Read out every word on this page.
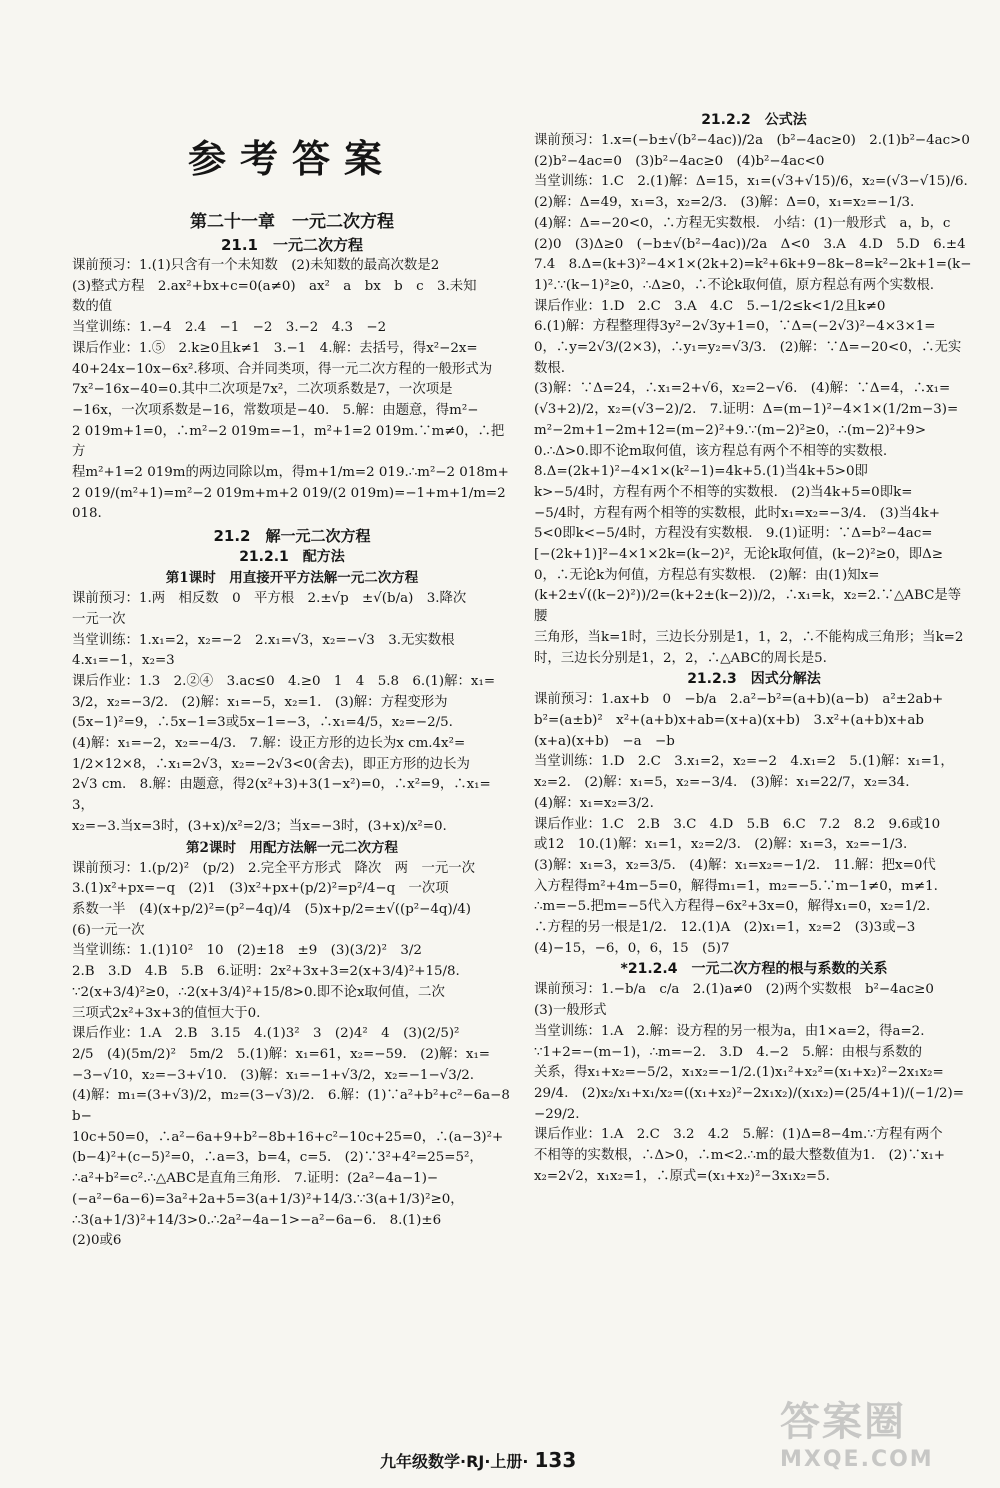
参考答案
第二十一章　一元二次方程
21.1　一元二次方程
课前预习：1.(1)只含有一个未知数　(2)未知数的最高次数是2
(3)整式方程　2.ax²+bx+c=0(a≠0)　ax²　a　bx　b　c　3.未知
数的值
当堂训练：1.−4　2.4　−1　−2　3.−2　4.3　−2
课后作业：1.⑤　2.k≥0且k≠1　3.−1　4.解：去括号，得x²−2x=
40+24x−10x−6x².移项、合并同类项，得一元二次方程的一般形式为
7x²−16x−40=0.其中二次项是7x²，二次项系数是7，一次项是
−16x，一次项系数是−16，常数项是−40.　5.解：由题意，得m²−
2 019m+1=0，∴m²−2 019m=−1，m²+1=2 019m.∵m≠0，∴把方
程m²+1=2 019m的两边同除以m，得m+1/m=2 019.∴m²−2 018m+
2 019/(m²+1)=m²−2 019m+m+2 019/(2 019m)=−1+m+1/m=2 018.
21.2　解一元二次方程
21.2.1　配方法
第1课时　用直接开平方法解一元二次方程
课前预习：1.两　相反数　0　平方根　2.±√p　±√(b/a)　3.降次
一元一次
当堂训练：1.x₁=2，x₂=−2　2.x₁=√3，x₂=−√3　3.无实数根
4.x₁=−1，x₂=3
课后作业：1.3　2.②④　3.ac≤0　4.≥0　1　4　5.8　6.(1)解：x₁=
3/2，x₂=−3/2.　(2)解：x₁=−5，x₂=1.　(3)解：方程变形为
(5x−1)²=9，∴5x−1=3或5x−1=−3，∴x₁=4/5，x₂=−2/5.
(4)解：x₁=−2，x₂=−4/3.　7.解：设正方形的边长为x cm.4x²=
1/2×12×8，∴x₁=2√3，x₂=−2√3<0(舍去)，即正方形的边长为
2√3 cm.　8.解：由题意，得2(x²+3)+3(1−x²)=0，∴x²=9，∴x₁=3，
x₂=−3.当x=3时，(3+x)/x²=2/3；当x=−3时，(3+x)/x²=0.
第2课时　用配方法解一元二次方程
课前预习：1.(p/2)²　(p/2)　2.完全平方形式　降次　两　一元一次
3.(1)x²+px=−q　(2)1　(3)x²+px+(p/2)²=p²/4−q　一次项
系数一半　(4)(x+p/2)²=(p²−4q)/4　(5)x+p/2=±√((p²−4q)/4)
(6)一元一次
当堂训练：1.(1)10²　10　(2)±18　±9　(3)(3/2)²　3/2
2.B　3.D　4.B　5.B　6.证明：2x²+3x+3=2(x+3/4)²+15/8.
∵2(x+3/4)²≥0，∴2(x+3/4)²+15/8>0.即不论x取何值，二次
三项式2x²+3x+3的值恒大于0.
课后作业：1.A　2.B　3.15　4.(1)3²　3　(2)4²　4　(3)(2/5)²
2/5　(4)(5m/2)²　5m/2　5.(1)解：x₁=61，x₂=−59.　(2)解：x₁=
−3−√10，x₂=−3+√10.　(3)解：x₁=−1+√3/2，x₂=−1−√3/2.
(4)解：m₁=(3+√3)/2，m₂=(3−√3)/2.　6.解：(1)∵a²+b²+c²−6a−8b−
10c+50=0，∴a²−6a+9+b²−8b+16+c²−10c+25=0，∴(a−3)²+
(b−4)²+(c−5)²=0，∴a=3，b=4，c=5.　(2)∵3²+4²=25=5²，
∴a²+b²=c².∴△ABC是直角三角形.　7.证明：(2a²−4a−1)−
(−a²−6a−6)=3a²+2a+5=3(a+1/3)²+14/3.∵3(a+1/3)²≥0，
∴3(a+1/3)²+14/3>0.∴2a²−4a−1>−a²−6a−6.　8.(1)±6
(2)0或6
21.2.2　公式法
课前预习：1.x=(−b±√(b²−4ac))/2a　(b²−4ac≥0)　2.(1)b²−4ac>0
(2)b²−4ac=0　(3)b²−4ac≥0　(4)b²−4ac<0
当堂训练：1.C　2.(1)解：Δ=15，x₁=(√3+√15)/6，x₂=(√3−√15)/6.
(2)解：Δ=49，x₁=3，x₂=2/3.　(3)解：Δ=0，x₁=x₂=−1/3.
(4)解：Δ=−20<0，∴方程无实数根.　小结：(1)一般形式　a，b，c
(2)0　(3)Δ≥0　(−b±√(b²−4ac))/2a　Δ<0　3.A　4.D　5.D　6.±4
7.4　8.Δ=(k+3)²−4×1×(2k+2)=k²+6k+9−8k−8=k²−2k+1=(k−
1)².∵(k−1)²≥0，∴Δ≥0，∴不论k取何值，原方程总有两个实数根.
课后作业：1.D　2.C　3.A　4.C　5.−1/2≤k<1/2且k≠0
6.(1)解：方程整理得3y²−2√3y+1=0，∵Δ=(−2√3)²−4×3×1=
0，∴y=2√3/(2×3)，∴y₁=y₂=√3/3.　(2)解：∵Δ=−20<0，∴无实数根.
(3)解：∵Δ=24，∴x₁=2+√6，x₂=2−√6.　(4)解：∵Δ=4，∴x₁=
(√3+2)/2，x₂=(√3−2)/2.　7.证明：Δ=(m−1)²−4×1×(1/2m−3)=
m²−2m+1−2m+12=(m−2)²+9.∵(m−2)²≥0，∴(m−2)²+9>
0.∴Δ>0.即不论m取何值，该方程总有两个不相等的实数根.
8.Δ=(2k+1)²−4×1×(k²−1)=4k+5.(1)当4k+5>0即
k>−5/4时，方程有两个不相等的实数根.　(2)当4k+5=0即k=
−5/4时，方程有两个相等的实数根，此时x₁=x₂=−3/4.　(3)当4k+
5<0即k<−5/4时，方程没有实数根.　9.(1)证明：∵Δ=b²−4ac=
[−(2k+1)]²−4×1×2k=(k−2)²，无论k取何值，(k−2)²≥0，即Δ≥
0，∴无论k为何值，方程总有实数根.　(2)解：由(1)知x=
(k+2±√((k−2)²))/2=(k+2±(k−2))/2，∴x₁=k，x₂=2.∵△ABC是等腰
三角形，当k=1时，三边长分别是1，1，2，∴不能构成三角形；当k=2
时，三边长分别是1，2，2，∴△ABC的周长是5.
21.2.3　因式分解法
课前预习：1.ax+b　0　−b/a　2.a²−b²=(a+b)(a−b)　a²±2ab+
b²=(a±b)²　x²+(a+b)x+ab=(x+a)(x+b)　3.x²+(a+b)x+ab
(x+a)(x+b)　−a　−b
当堂训练：1.D　2.C　3.x₁=2，x₂=−2　4.x₁=2　5.(1)解：x₁=1，
x₂=2.　(2)解：x₁=5，x₂=−3/4.　(3)解：x₁=22/7，x₂=34.
(4)解：x₁=x₂=3/2.
课后作业：1.C　2.B　3.C　4.D　5.B　6.C　7.2　8.2　9.6或10
或12　10.(1)解：x₁=1，x₂=2/3.　(2)解：x₁=3，x₂=−1/3.
(3)解：x₁=3，x₂=3/5.　(4)解：x₁=x₂=−1/2.　11.解：把x=0代
入方程得m²+4m−5=0，解得m₁=1，m₂=−5.∵m−1≠0，m≠1.
∴m=−5.把m=−5代入方程得−6x²+3x=0，解得x₁=0，x₂=1/2.
∴方程的另一根是1/2.　12.(1)A　(2)x₁=1，x₂=2　(3)3或−3
(4)−15，−6，0，6，15　(5)7
*21.2.4　一元二次方程的根与系数的关系
课前预习：1.−b/a　c/a　2.(1)a≠0　(2)两个实数根　b²−4ac≥0
(3)一般形式
当堂训练：1.A　2.解：设方程的另一根为a，由1×a=2，得a=2.
∵1+2=−(m−1)，∴m=−2.　3.D　4.−2　5.解：由根与系数的
关系，得x₁+x₂=−5/2，x₁x₂=−1/2.(1)x₁²+x₂²=(x₁+x₂)²−2x₁x₂=
29/4.　(2)x₂/x₁+x₁/x₂=((x₁+x₂)²−2x₁x₂)/(x₁x₂)=(25/4+1)/(−1/2)=−29/2.
课后作业：1.A　2.C　3.2　4.2　5.解：(1)Δ=8−4m.∵方程有两个
不相等的实数根，∴Δ>0，∴m<2.∴m的最大整数值为1.　(2)∵x₁+
x₂=2√2，x₁x₂=1，∴原式=(x₁+x₂)²−3x₁x₂=5.
九年级数学·RJ·上册· 133
答案圈
MXQE.COM
